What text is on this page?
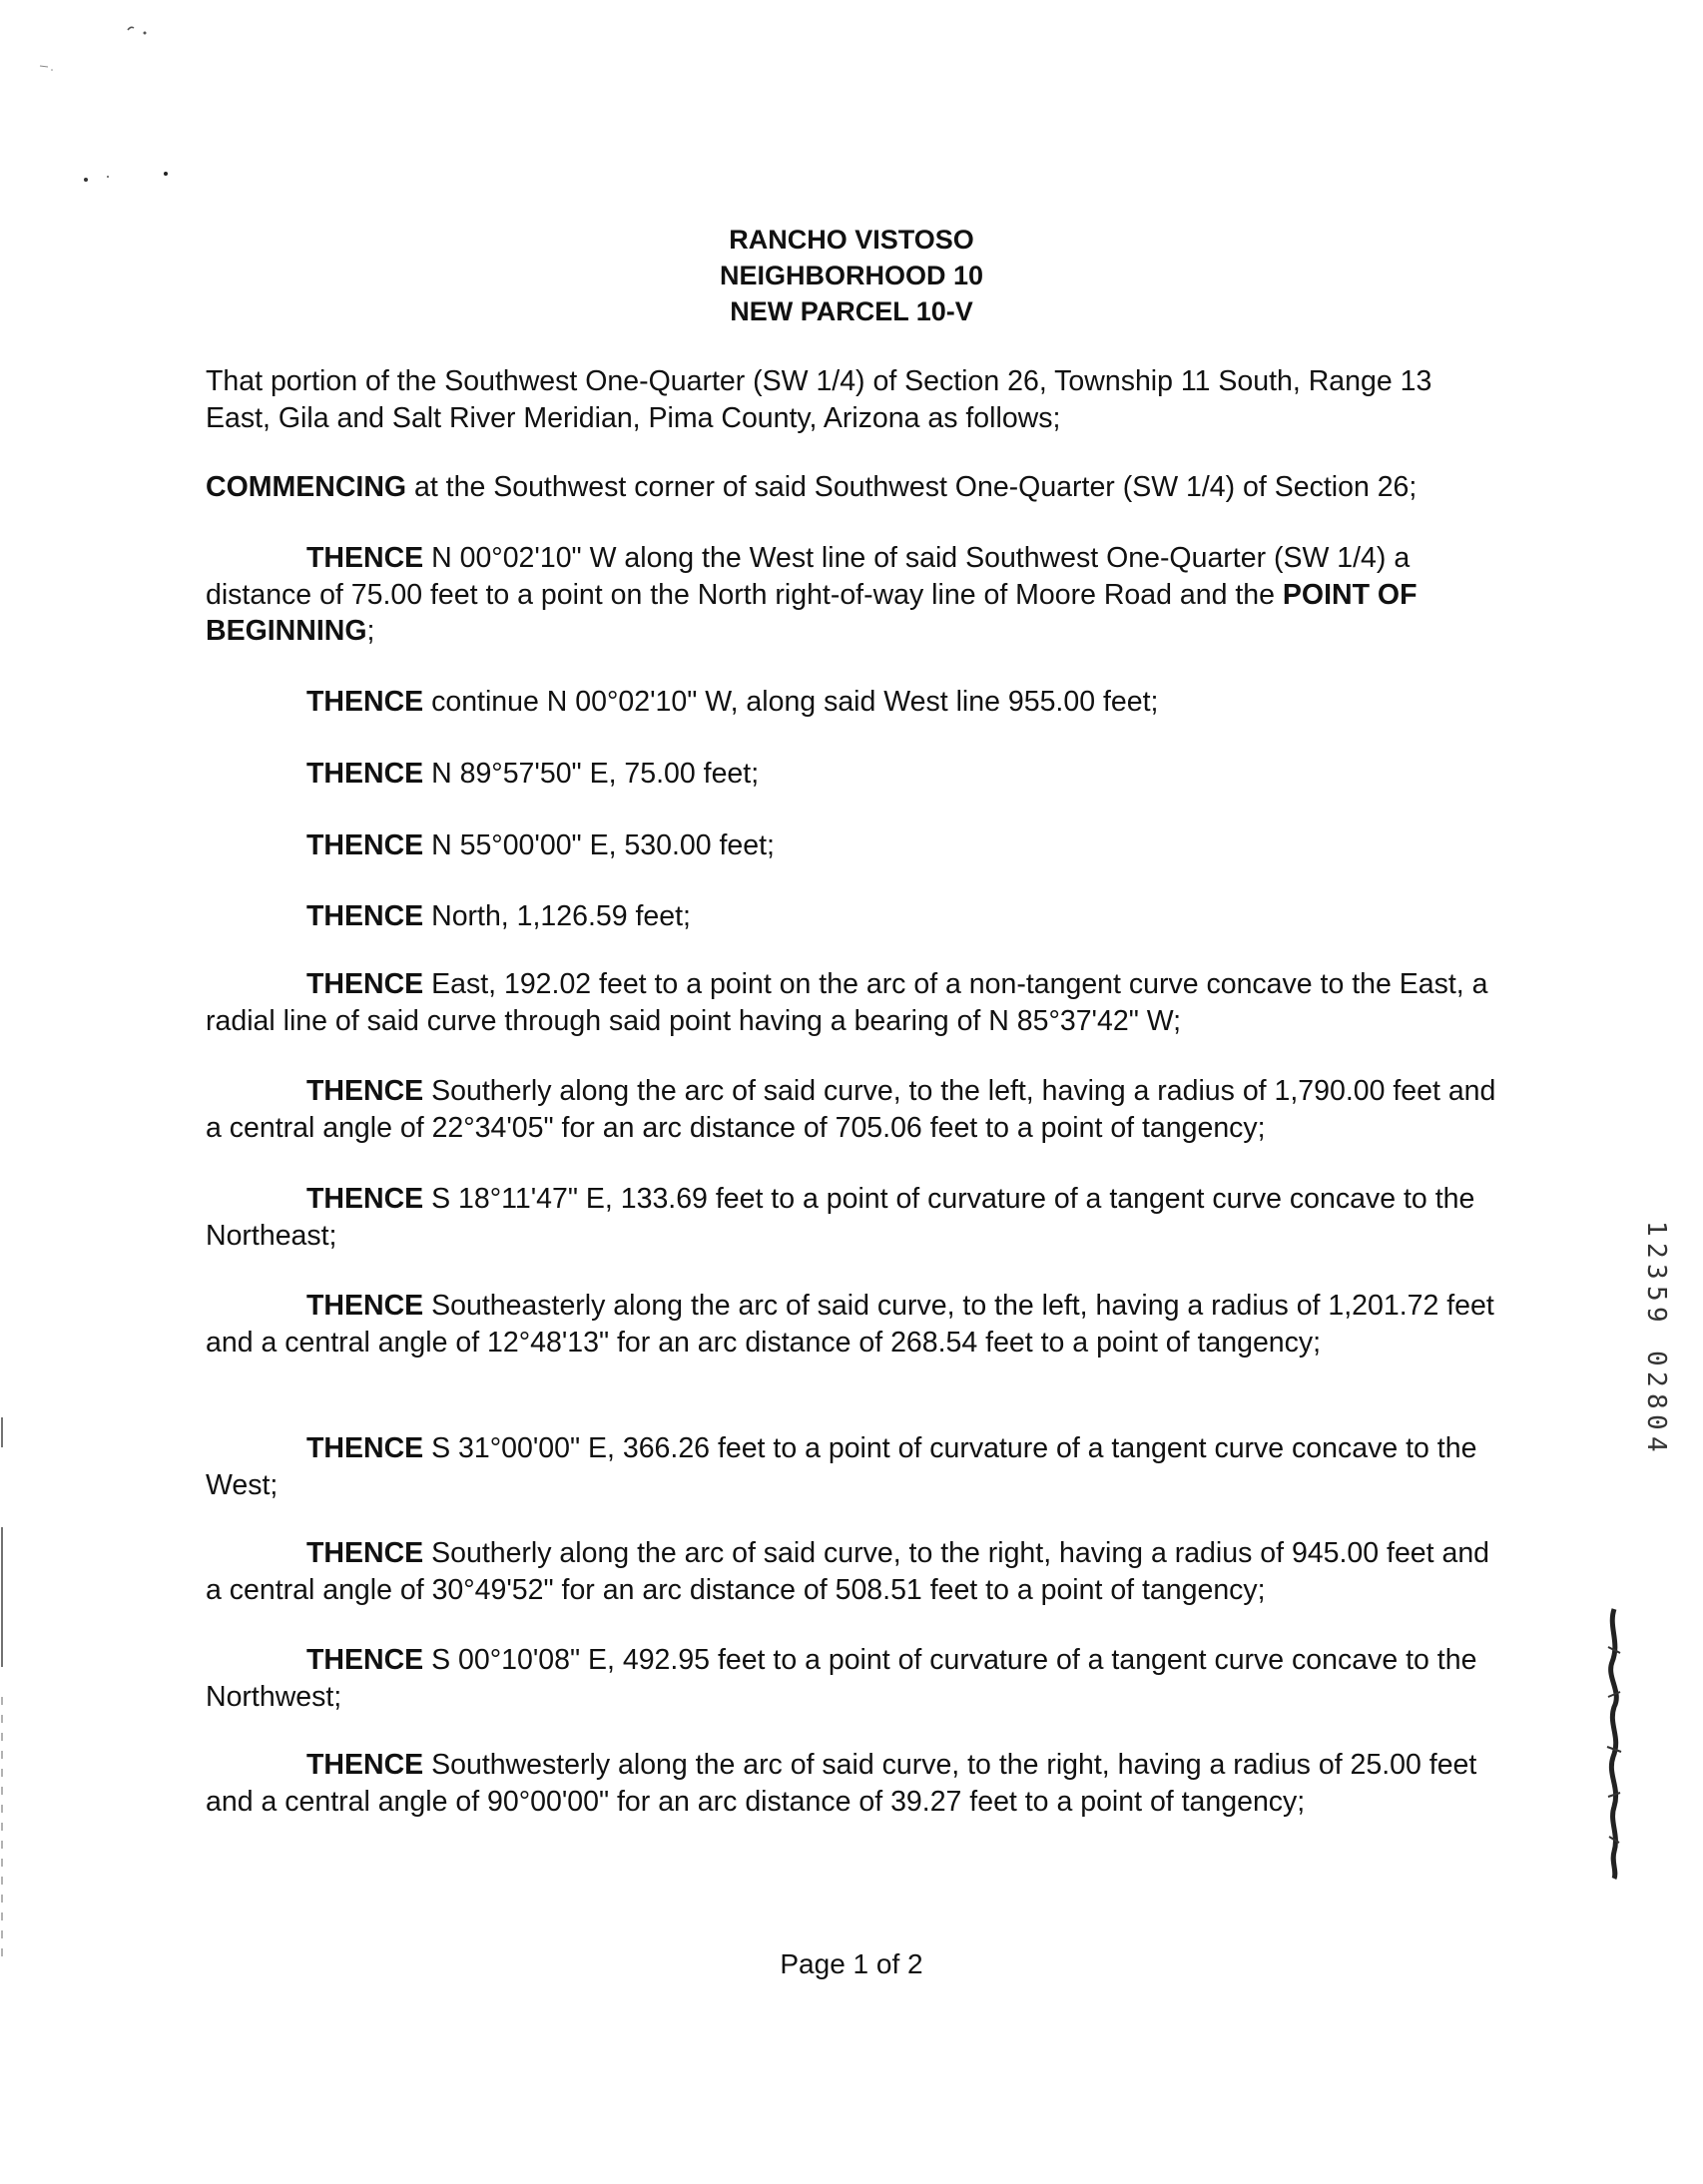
RANCHO VISTOSO
NEIGHBORHOOD 10
NEW PARCEL 10-V

That portion of the Southwest One-Quarter (SW 1/4) of Section 26, Township 11 South, Range 13 East, Gila and Salt River Meridian, Pima County, Arizona as follows;

COMMENCING at the Southwest corner of said Southwest One-Quarter (SW 1/4) of Section 26;

THENCE N 00°02'10" W along the West line of said Southwest One-Quarter (SW 1/4) a distance of 75.00 feet to a point on the North right-of-way line of Moore Road and the POINT OF BEGINNING;

THENCE continue N 00°02'10" W, along said West line 955.00 feet;

THENCE N 89°57'50" E, 75.00 feet;

THENCE N 55°00'00" E, 530.00 feet;

THENCE North, 1,126.59 feet;

THENCE East, 192.02 feet to a point on the arc of a non-tangent curve concave to the East, a radial line of said curve through said point having a bearing of N 85°37'42" W;

THENCE Southerly along the arc of said curve, to the left, having a radius of 1,790.00 feet and a central angle of 22°34'05" for an arc distance of 705.06 feet to a point of tangency;

THENCE S 18°11'47" E, 133.69 feet to a point of curvature of a tangent curve concave to the Northeast;

THENCE Southeasterly along the arc of said curve, to the left, having a radius of 1,201.72 feet and a central angle of 12°48'13" for an arc distance of 268.54 feet to a point of tangency;

THENCE S 31°00'00" E, 366.26 feet to a point of curvature of a tangent curve concave to the West;

THENCE Southerly along the arc of said curve, to the right, having a radius of 945.00 feet and a central angle of 30°49'52" for an arc distance of 508.51 feet to a point of tangency;

THENCE S 00°10'08" E, 492.95 feet to a point of curvature of a tangent curve concave to the Northwest;

THENCE Southwesterly along the arc of said curve, to the right, having a radius of 25.00 feet and a central angle of 90°00'00" for an arc distance of 39.27 feet to a point of tangency;

Page 1 of 2
1
2
3
5
9

0
2
8
0
4
